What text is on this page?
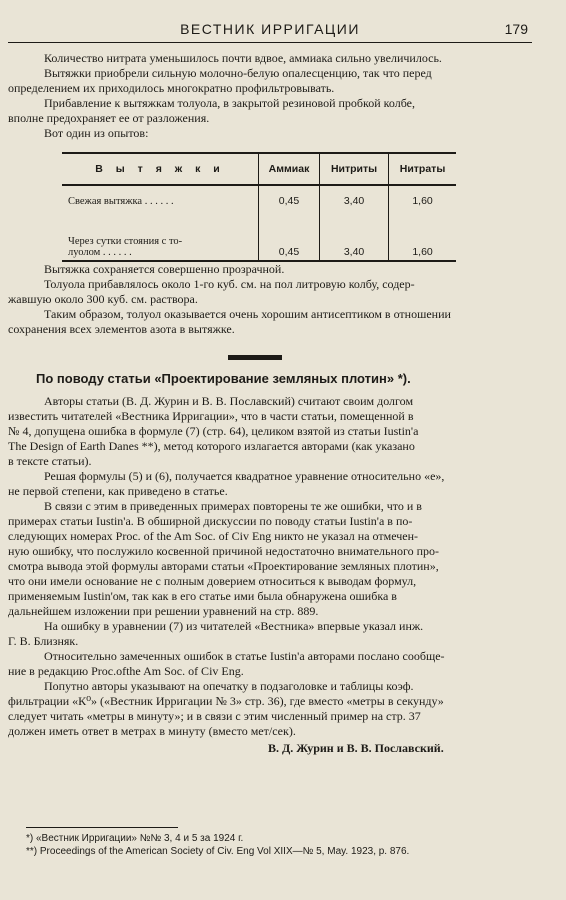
ВЕСТНИК ИРРИГАЦИИ	179
Количество нитрата уменьшилось почти вдвое, аммиака сильно увеличилось.
Вытяжки приобрели сильную молочно-белую опалесценцию, так что перед
определением их приходилось многократно профильтровывать.
Прибавление к вытяжкам толуола, в закрытой резиновой пробкой колбе,
вполне предохраняет ее от разложения.
Вот один из опытов:
В ы т я ж к и	Аммиак	Нитриты	Нитраты
Свежая вытяжка . . . . . .	0,45	3,40	1,60

Через сутки стояния с то-
луолом . . . . . .	0,45	3,40	1,60
Вытяжка сохраняется совершенно прозрачной.
Толуола прибавлялось около 1-го куб. см. на пол литровую колбу, содер-
жавшую около 300 куб. см. раствора.
Таким образом, толуол оказывается очень хорошим антисептиком в отношении
сохранения всех элементов азота в вытяжке.
По поводу статьи «Проектирование земляных плотин» *).
Авторы статьи (В. Д. Журин и В. В. Пославский) считают своим долгом
известить читателей «Вестника Ирригации», что в части статьи, помещенной в
№ 4, допущена ошибка в формуле (7) (стр. 64), целиком взятой из статьи Iustin'a
The Design of Earth Danes **), метод которого излагается авторами (как указано
в тексте статьи).
Решая формулы (5) и (6), получается квадратное уравнение относительно «е»,
не первой степени, как приведено в статье.
В связи с этим в приведенных примерах повторены те же ошибки, что и в
примерах статьи Iustin'a. В обширной дискуссии по поводу статьи Iustin'a в по-
следующих номерах Proc. of the Am Soc. of Civ Eng никто не указал на отмечен-
ную ошибку, что послужило косвенной причиной недостаточно внимательного про-
смотра вывода этой формулы авторами статьи «Проектирование земляных плотин»,
что они имели основание не с полным доверием относиться к выводам формул,
применяемым Iustin'ом, так как в его статье ими была обнаружена ошибка в
дальнейшем изложении при решении уравнений на стр. 889.
На ошибку в уравнении (7) из читателей «Вестника» впервые указал инж.
Г. В. Близняк.
Относительно замеченных ошибок в статье Iustin'a авторами послано сообще-
ние в редакцию Proc.ofthe Am Soc. of Civ Eng.
Попутно авторы указывают на опечатку в подзаголовке и таблицы коэф.
фильтрации «К⁰» («Вестник Ирригации № 3» стр. 36), где вместо «метры в секунду»
следует читать «метры в минуту»; и в связи с этим численный пример на стр. 37
должен иметь ответ в метрах в минуту (вместо мет/сек).
В. Д. Журин и В. В. Пославский.
*) «Вестник Ирригации» №№ 3, 4 и 5 за 1924 г.
**) Proceedings of the American Society of Civ. Eng Vol XIIX—№ 5, May. 1923, p. 876.
